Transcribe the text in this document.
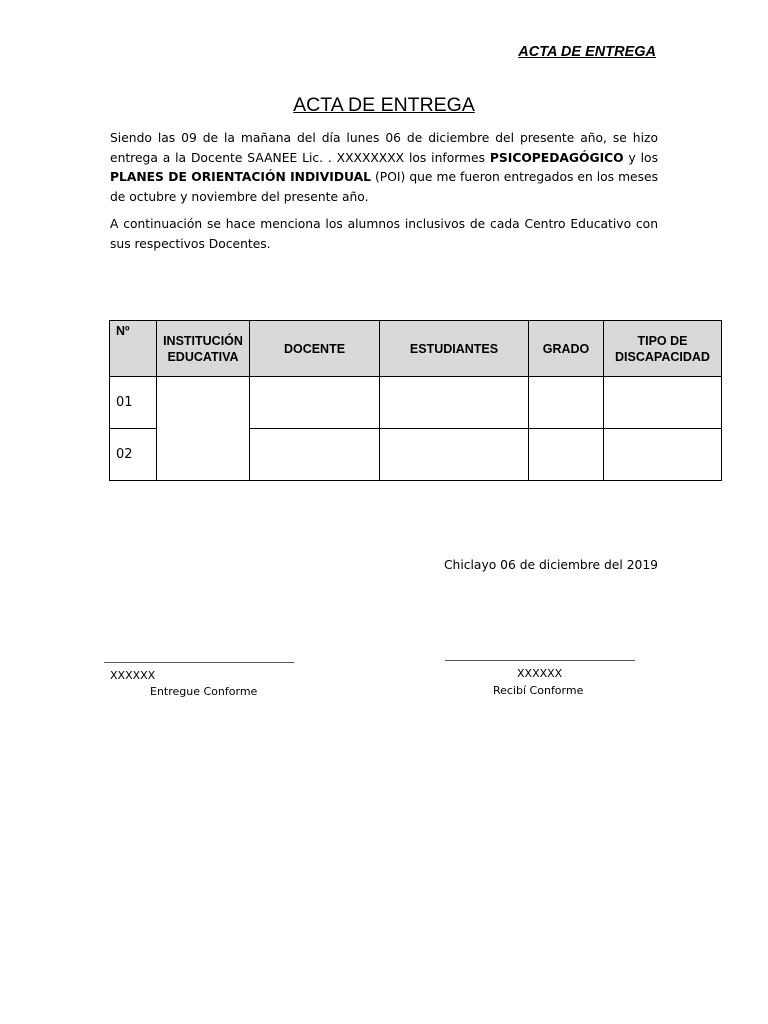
ACTA DE ENTREGA
ACTA DE ENTREGA
Siendo las 09 de la mañana del día lunes 06 de diciembre del presente año, se hizo entrega a la Docente SAANEE Lic. . XXXXXXXX los informes PSICOPEDAGÓGICO y los PLANES DE ORIENTACIÓN INDIVIDUAL (POI) que me fueron entregados en los meses de octubre y noviembre del presente año.
A continuación se hace menciona los alumnos inclusivos de cada Centro Educativo con sus respectivos Docentes.
Nº	INSTITUCIÓN EDUCATIVA	DOCENTE	ESTUDIANTES	GRADO	TIPO DE DISCAPACIDAD
01					
02					
Chiclayo 06 de diciembre del 2019
XXXXXX
Entregue Conforme
XXXXXX
Recibí Conforme
